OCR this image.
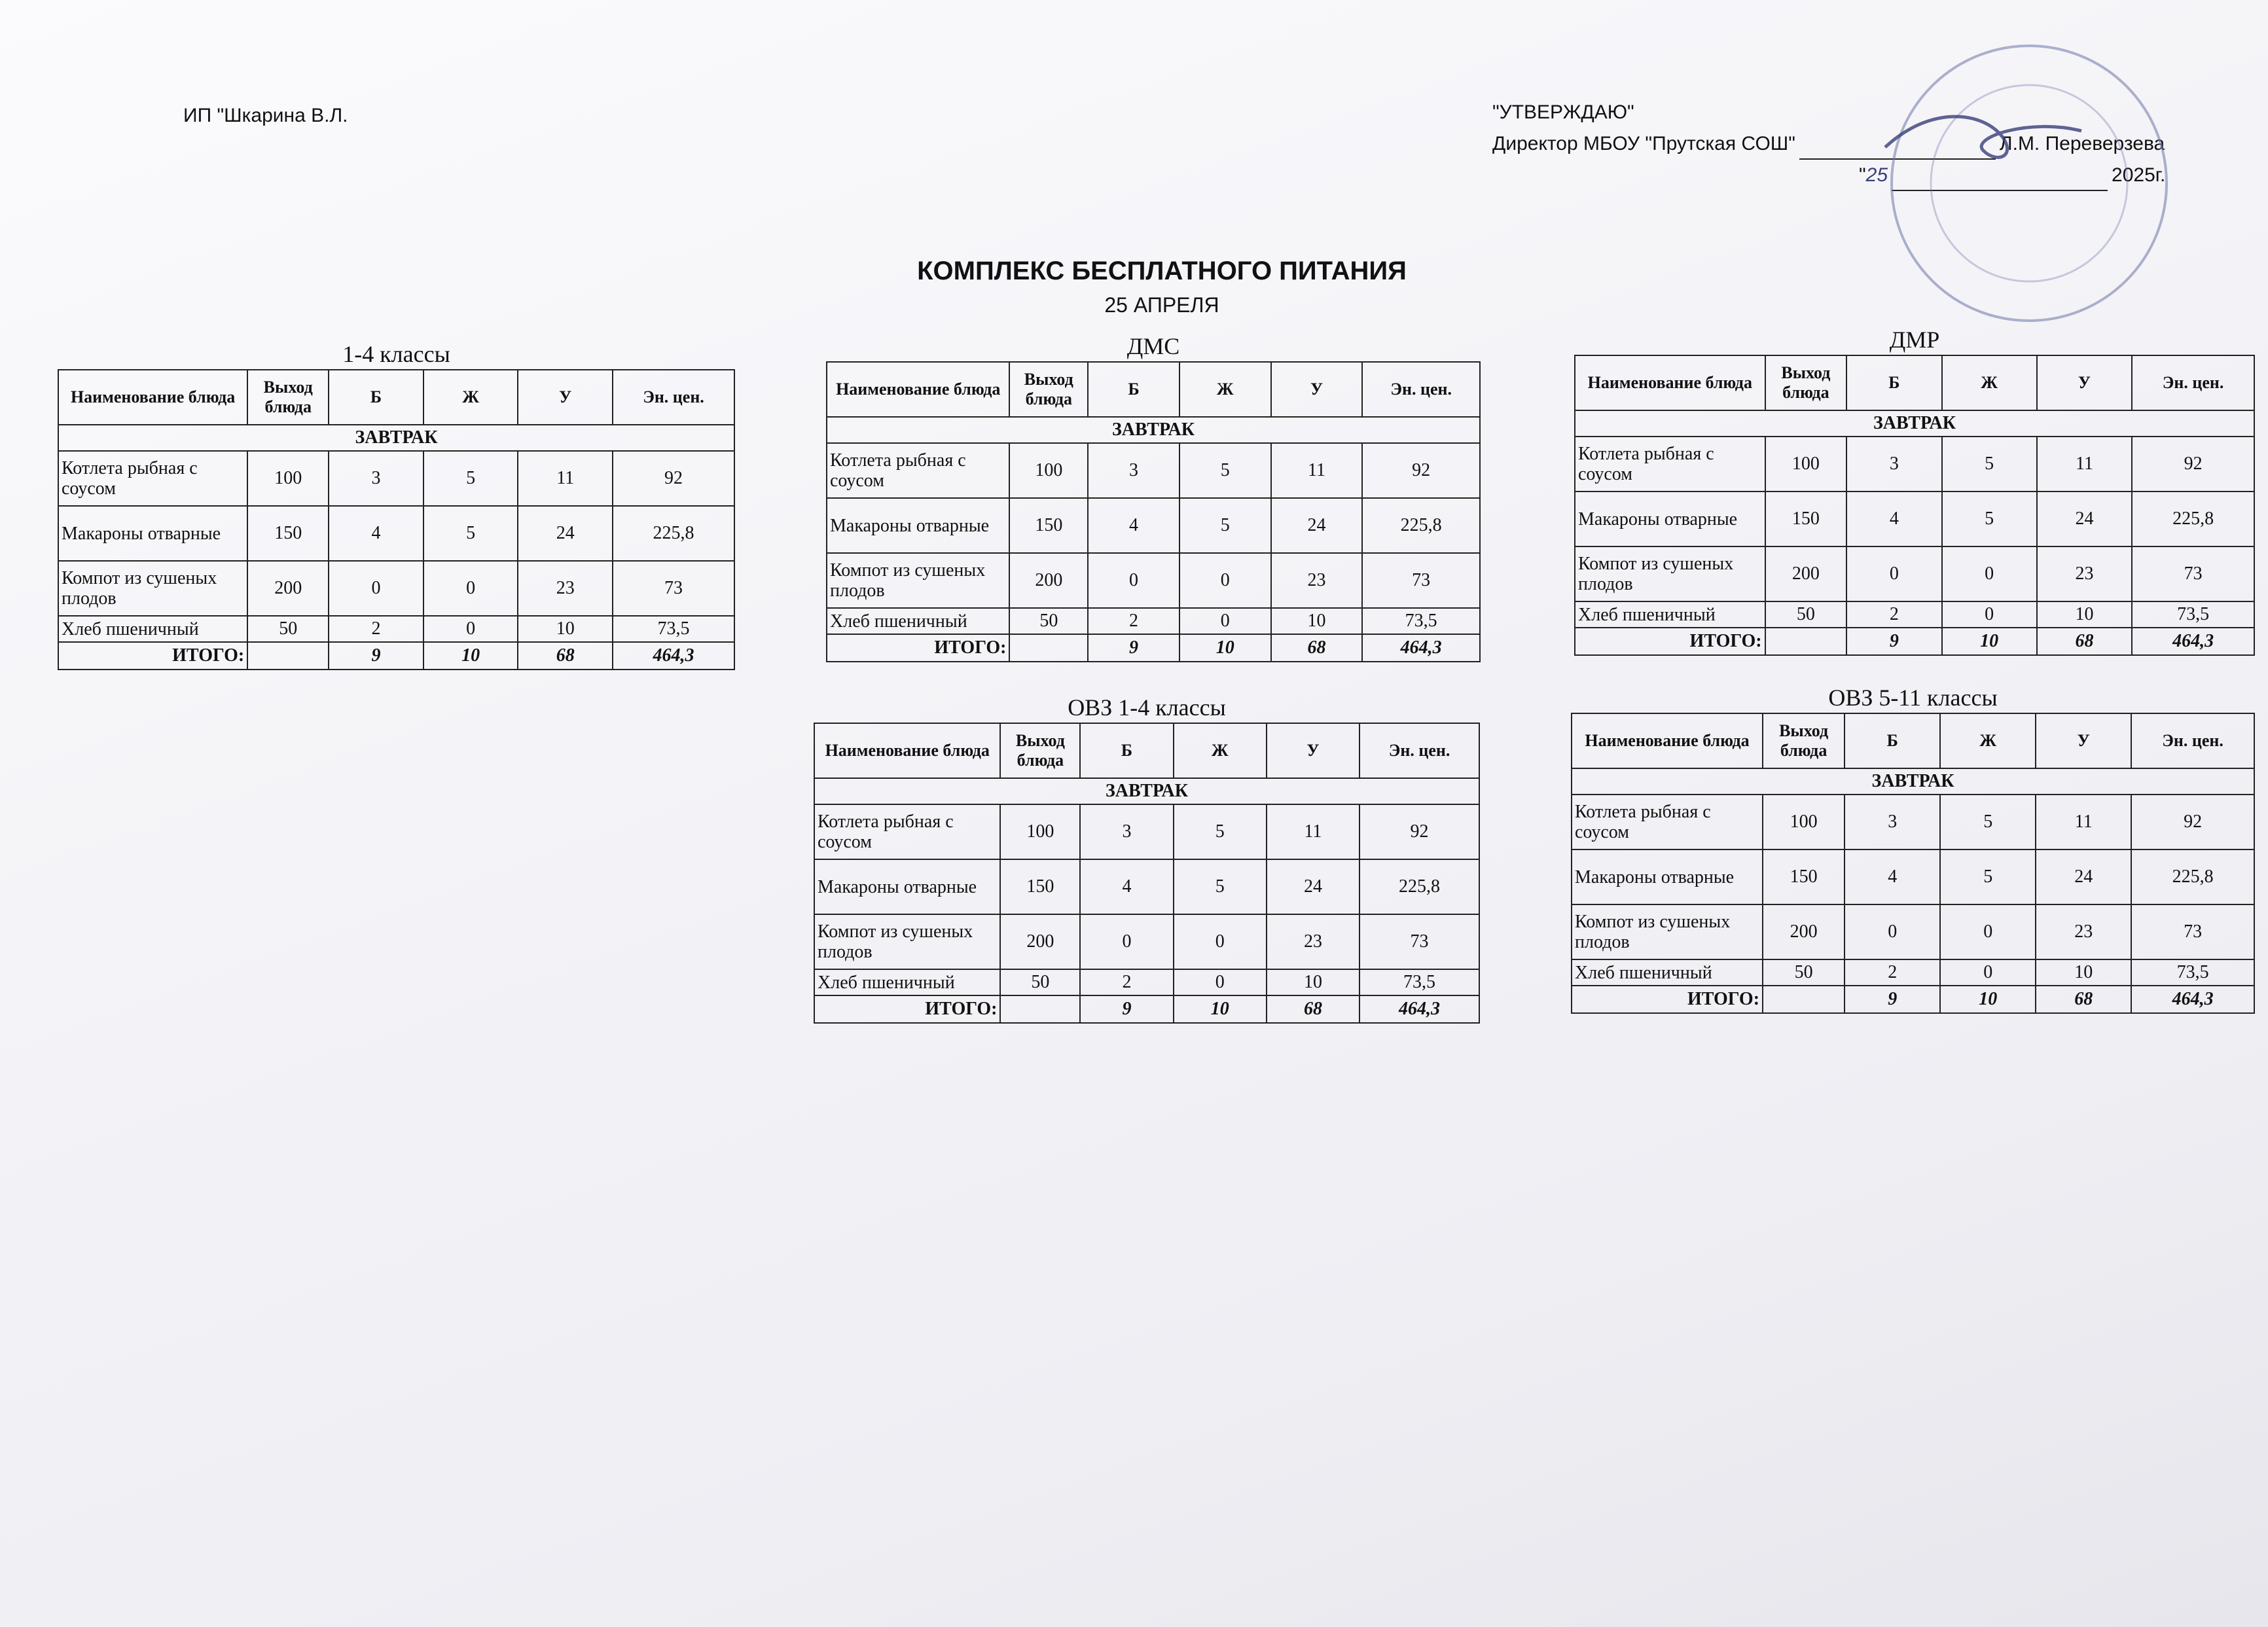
ИП "Шкарина В.Л.	"УТВЕРЖДАЮ"
Директор МБОУ "Прутская СОШ"	Л.М. Переверзева
" 25	2025г.
КОМПЛЕКС БЕСПЛАТНОГО ПИТАНИЯ
25 АПРЕЛЯ
1-4 классы
Наименование блюда	Выход блюда	Б	Ж	У	Эн. цен.
ЗАВТРАК					
Котлета рыбная с соусом	100	3	5	11	92
Макароны отварные	150	4	5	24	225,8
Компот из сушеных плодов	200	0	0	23	73
Хлеб пшеничный	50	2	0	10	73,5
ИТОГО:		9	10	68	464,3
ДМС
Наименование блюда	Выход блюда	Б	Ж	У	Эн. цен.
ЗАВТРАК					
Котлета рыбная с соусом	100	3	5	11	92
Макароны отварные	150	4	5	24	225,8
Компот из сушеных плодов	200	0	0	23	73
Хлеб пшеничный	50	2	0	10	73,5
ИТОГО:		9	10	68	464,3
ДМР
Наименование блюда	Выход блюда	Б	Ж	У	Эн. цен.
ЗАВТРАК					
Котлета рыбная с соусом	100	3	5	11	92
Макароны отварные	150	4	5	24	225,8
Компот из сушеных плодов	200	0	0	23	73
Хлеб пшеничный	50	2	0	10	73,5
ИТОГО:		9	10	68	464,3
ОВЗ 1-4 классы
Наименование блюда	Выход блюда	Б	Ж	У	Эн. цен.
ЗАВТРАК					
Котлета рыбная с соусом	100	3	5	11	92
Макароны отварные	150	4	5	24	225,8
Компот из сушеных плодов	200	0	0	23	73
Хлеб пшеничный	50	2	0	10	73,5
ИТОГО:		9	10	68	464,3
ОВЗ 5-11 классы
Наименование блюда	Выход блюда	Б	Ж	У	Эн. цен.
ЗАВТРАК					
Котлета рыбная с соусом	100	3	5	11	92
Макароны отварные	150	4	5	24	225,8
Компот из сушеных плодов	200	0	0	23	73
Хлеб пшеничный	50	2	0	10	73,5
ИТОГО:		9	10	68	464,3
